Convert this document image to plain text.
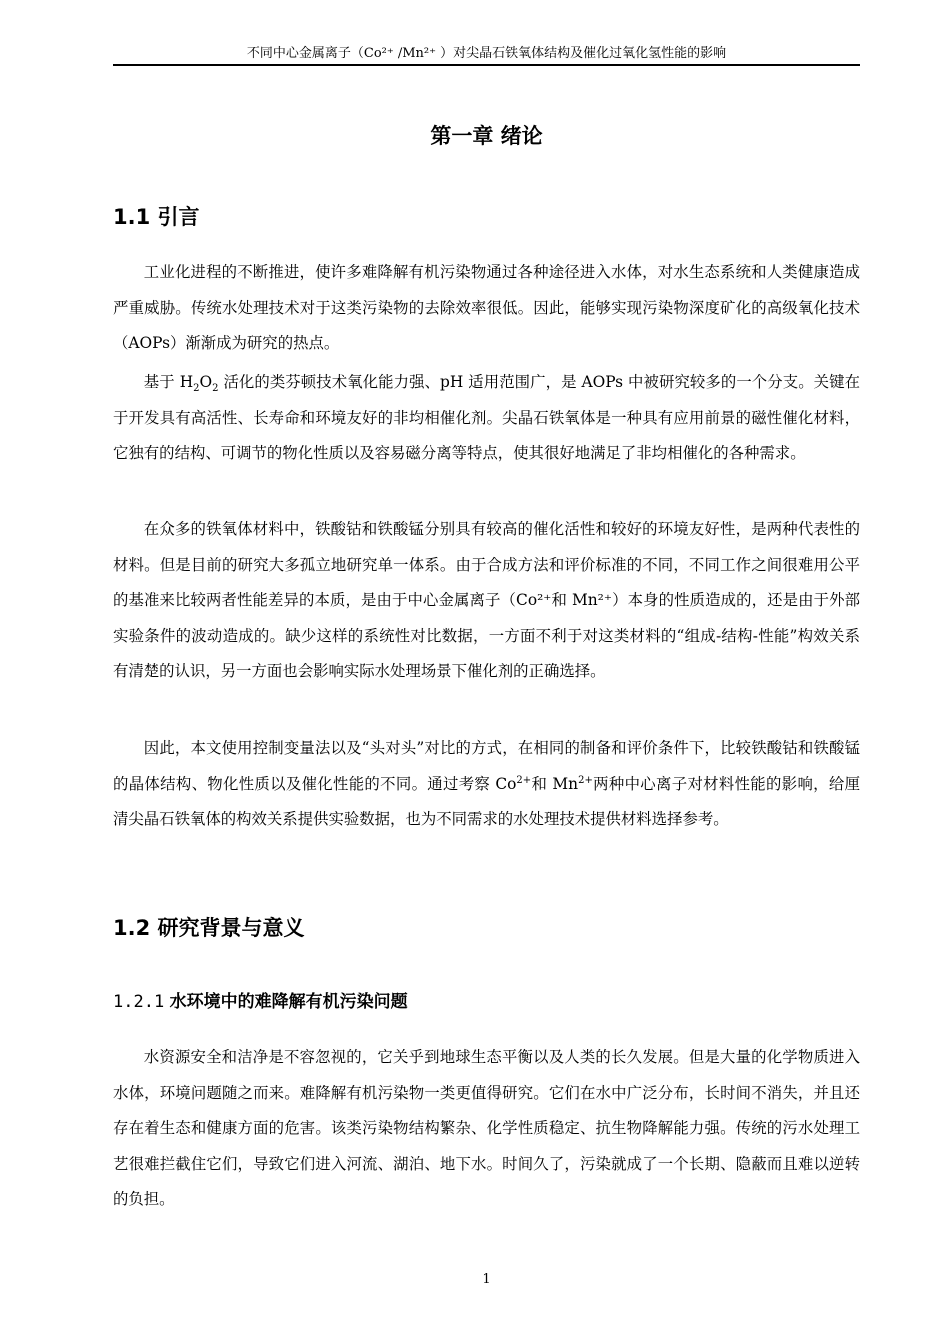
不同中心金属离子（Co²⁺ /Mn²⁺ ）对尖晶石铁氧体结构及催化过氧化氢性能的影响
第一章 绪论
1.1 引言

工业化进程的不断推进，使许多难降解有机污染物通过各种途径进入水体，对水生态系统和人类健康造成严重威胁。传统水处理技术对于这类污染物的去除效率很低。因此，能够实现污染物深度矿化的高级氧化技术（AOPs）渐渐成为研究的热点。

基于 $H_2O_2$ 活化的类芬顿技术氧化能力强、pH 适用范围广，是 AOPs 中被研究较多的一个分支。关键在于开发具有高活性、长寿命和环境友好的非均相催化剂。尖晶石铁氧体是一种具有应用前景的磁性催化材料，它独有的结构、可调节的物化性质以及容易磁分离等特点，使其很好地满足了非均相催化的各种需求。

在众多的铁氧体材料中，铁酸钴和铁酸锰分别具有较高的催化活性和较好的环境友好性，是两种代表性的材料。但是目前的研究大多孤立地研究单一体系。由于合成方法和评价标准的不同，不同工作之间很难用公平的基准来比较两者性能差异的本质，是由于中心金属离子（Co²⁺和 Mn²⁺）本身的性质造成的，还是由于外部实验条件的波动造成的。缺少这样的系统性对比数据，一方面不利于对这类材料的“组成-结构-性能”构效关系有清楚的认识，另一方面也会影响实际水处理场景下催化剂的正确选择。

因此，本文使用控制变量法以及“头对头”对比的方式，在相同的制备和评价条件下，比较铁酸钴和铁酸锰的晶体结构、物化性质以及催化性能的不同。通过考察 $Co^{2+}$和 $Mn^{2+}$两种中心离子对材料性能的影响，给厘清尖晶石铁氧体的构效关系提供实验数据，也为不同需求的水处理技术提供材料选择参考。

1.2 研究背景与意义
1.2.1 水环境中的难降解有机污染问题

水资源安全和洁净是不容忽视的，它关乎到地球生态平衡以及人类的长久发展。但是大量的化学物质进入水体，环境问题随之而来。难降解有机污染物一类更值得研究。它们在水中广泛分布，长时间不消失，并且还存在着生态和健康方面的危害。该类污染物结构繁杂、化学性质稳定、抗生物降解能力强。传统的污水处理工艺很难拦截住它们，导致它们进入河流、湖泊、地下水。时间久了，污染就成了一个长期、隐蔽而且难以逆转的负担。

1
